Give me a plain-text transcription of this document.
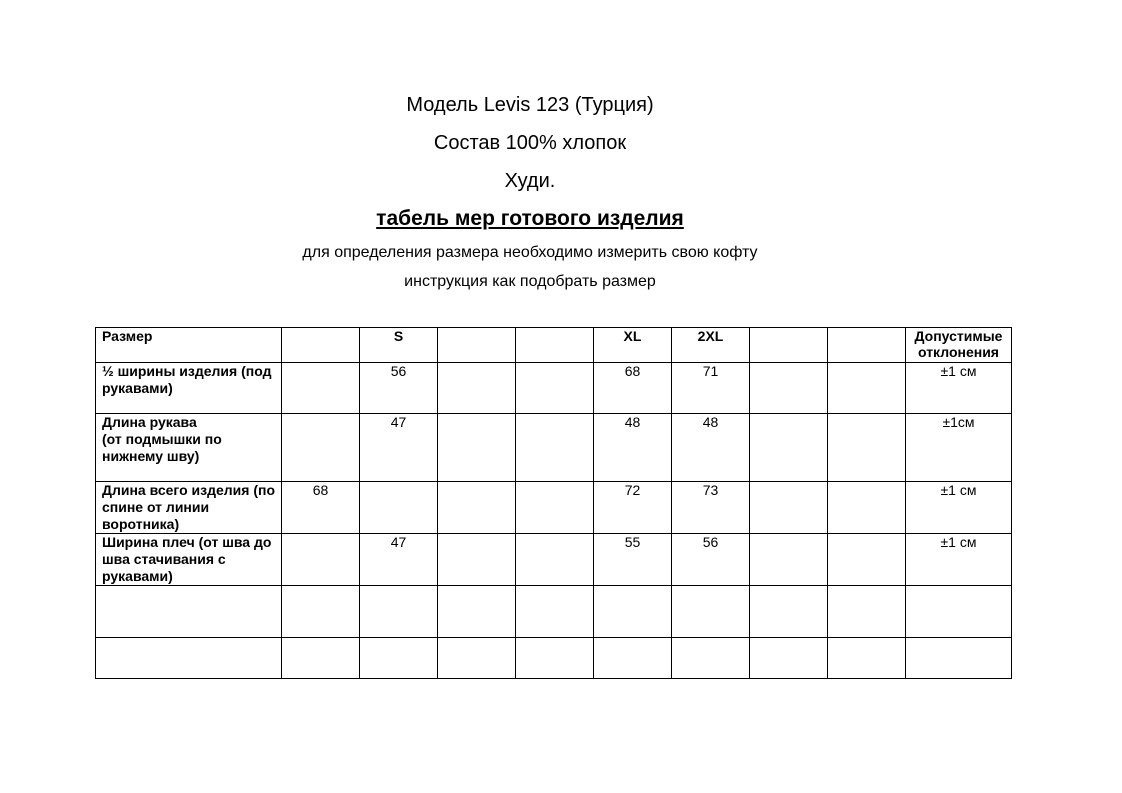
Модель Levis 123 (Турция)
Состав 100% хлопок
Худи.
табель мер готового изделия
для определения размера необходимо измерить свою кофту
инструкция как подобрать размер
Размер		S			XL	2XL			Допустимые отклонения
½ ширины изделия (под рукавами)		56			68	71			±1 см
Длина рукава
(от подмышки по нижнему шву)		47			48	48			±1см
Длина всего изделия (по спине от линии воротника)	68				72	73			±1 см
Ширина плеч (от шва до шва стачивания с рукавами)		47			55	56			±1 см
